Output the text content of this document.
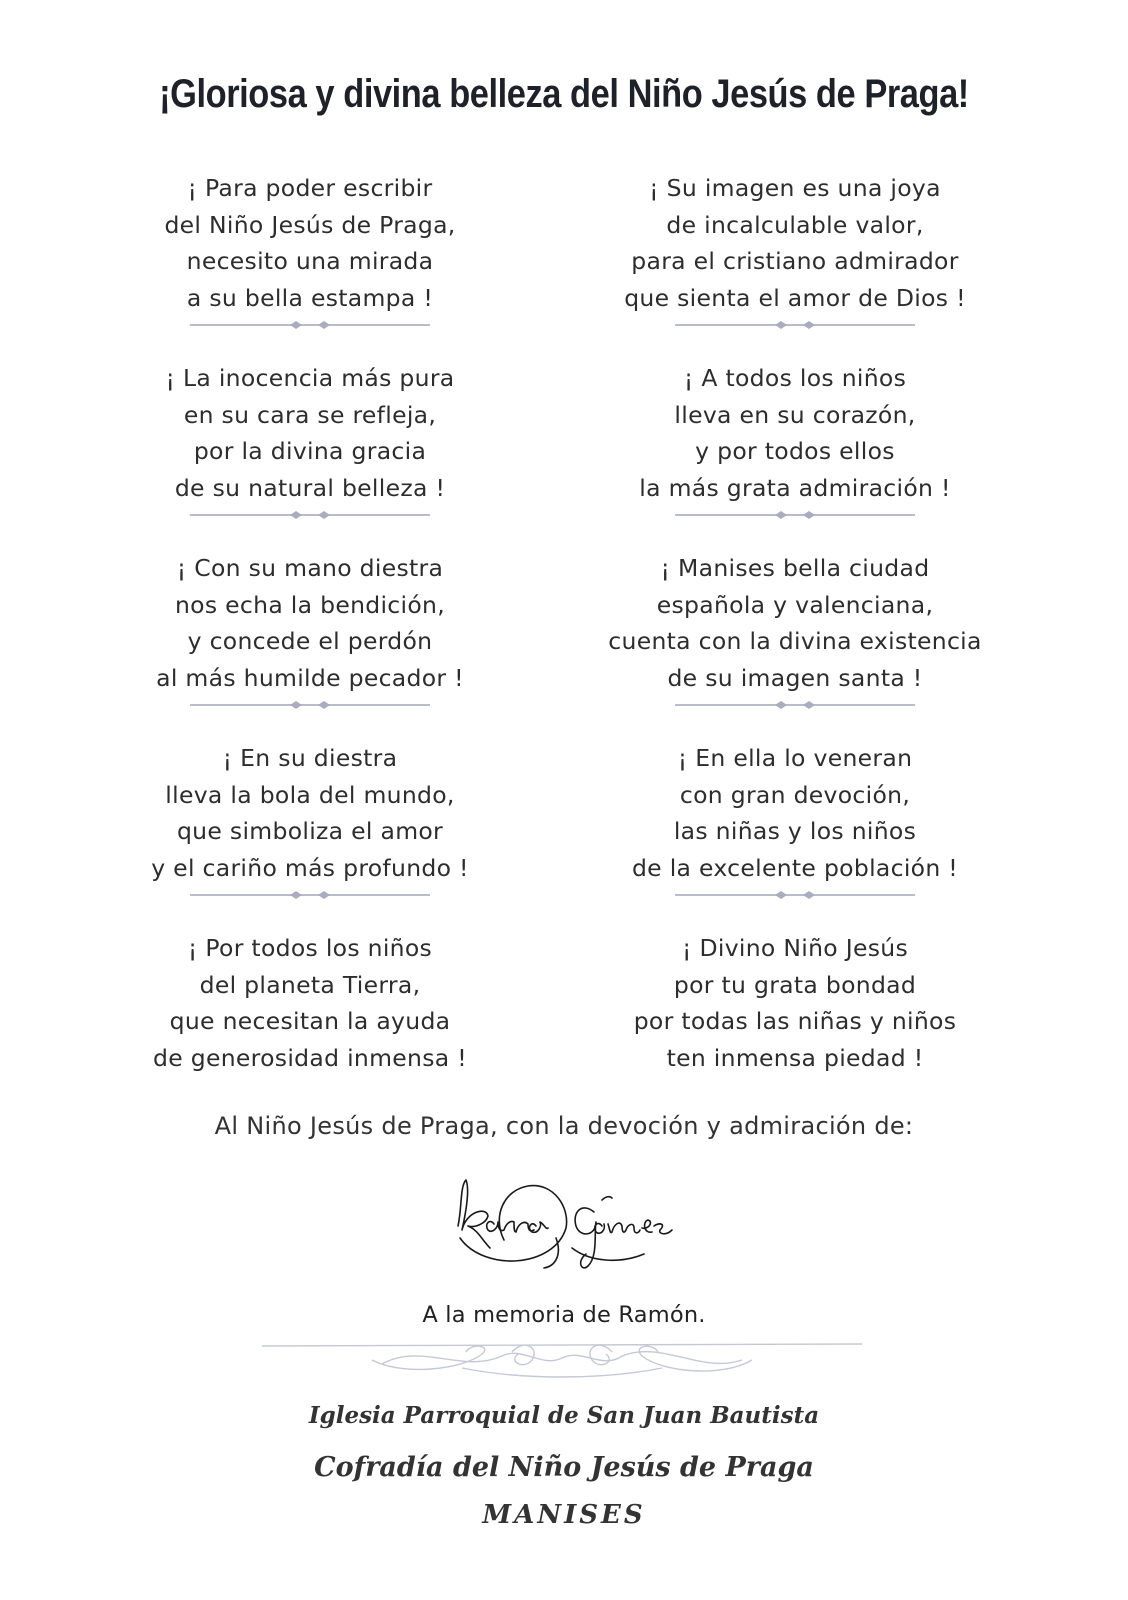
¡Gloriosa y divina belleza del Niño Jesús de Praga!
¡ Para poder escribir
del Niño Jesús de Praga,
necesito una mirada
a su bella estampa !
¡ La inocencia más pura
en su cara se refleja,
por la divina gracia
de su natural belleza !
¡ Con su mano diestra
nos echa la bendición,
y concede el perdón
al más humilde pecador !
¡ En su diestra
lleva la bola del mundo,
que simboliza el amor
y el cariño más profundo !
¡ Por todos los niños
del planeta Tierra,
que necesitan la ayuda
de generosidad inmensa !
¡ Su imagen es una joya
de incalculable valor,
para el cristiano admirador
que sienta el amor de Dios !
¡ A todos los niños
lleva en su corazón,
y por todos ellos
la más grata admiración !
¡ Manises bella ciudad
española y valenciana,
cuenta con la divina existencia
de su imagen santa !
¡ En ella lo veneran
con gran devoción,
las niñas y los niños
de la excelente población !
¡ Divino Niño Jesús
por tu grata bondad
por todas las niñas y niños
ten inmensa piedad !
Al Niño Jesús de Praga, con la devoción y admiración de:
A la memoria de Ramón.
Iglesia Parroquial de San Juan Bautista
Cofradía del Niño Jesús de Praga
MANISES
